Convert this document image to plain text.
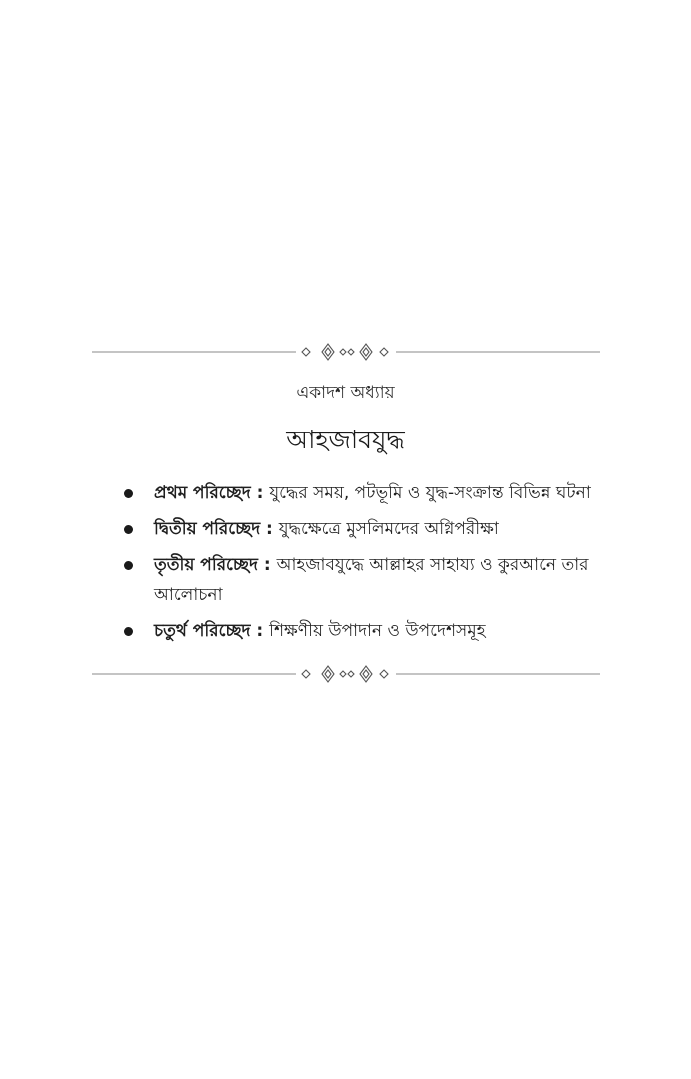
একাদশ অধ্যায়
আহজাবযুদ্ধ
প্রথম পরিচ্ছেদ : যুদ্ধের সময়, পটভূমি ও যুদ্ধ-সংক্রান্ত বিভিন্ন ঘটনা
দ্বিতীয় পরিচ্ছেদ : যুদ্ধক্ষেত্রে মুসলিমদের অগ্নিপরীক্ষা
তৃতীয় পরিচ্ছেদ : আহজাবযুদ্ধে আল্লাহর সাহায্য ও কুরআনে তার আলোচনা
চতুর্থ পরিচ্ছেদ : শিক্ষণীয় উপাদান ও উপদেশসমূহ
